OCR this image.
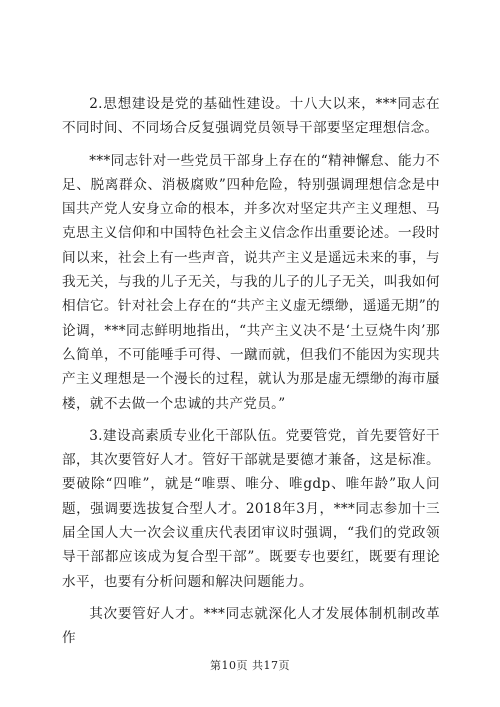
2.思想建设是党的基础性建设。十八大以来，***同志在不同时间、不同场合反复强调党员领导干部要坚定理想信念。

***同志针对一些党员干部身上存在的“精神懈怠、能力不足、脱离群众、消极腐败”四种危险，特别强调理想信念是中国共产党人安身立命的根本，并多次对坚定共产主义理想、马克思主义信仰和中国特色社会主义信念作出重要论述。一段时间以来，社会上有一些声音，说共产主义是遥远未来的事，与我无关，与我的儿子无关，与我的儿子的儿子无关，叫我如何相信它。针对社会上存在的“共产主义虚无缥缈，遥遥无期”的论调，***同志鲜明地指出，“共产主义决不是‘土豆烧牛肉’那么简单，不可能唾手可得、一蹴而就，但我们不能因为实现共产主义理想是一个漫长的过程，就认为那是虚无缥缈的海市蜃楼，就不去做一个忠诚的共产党员。”

3.建设高素质专业化干部队伍。党要管党，首先要管好干部，其次要管好人才。管好干部就是要德才兼备，这是标准。要破除“四唯”，就是“唯票、唯分、唯gdp、唯年龄”取人问题，强调要选拔复合型人才。2018年3月，***同志参加十三届全国人大一次会议重庆代表团审议时强调，“我们的党政领导干部都应该成为复合型干部”。既要专也要红，既要有理论水平，也要有分析问题和解决问题能力。

其次要管好人才。***同志就深化人才发展体制机制改革作

第10页 共17页
